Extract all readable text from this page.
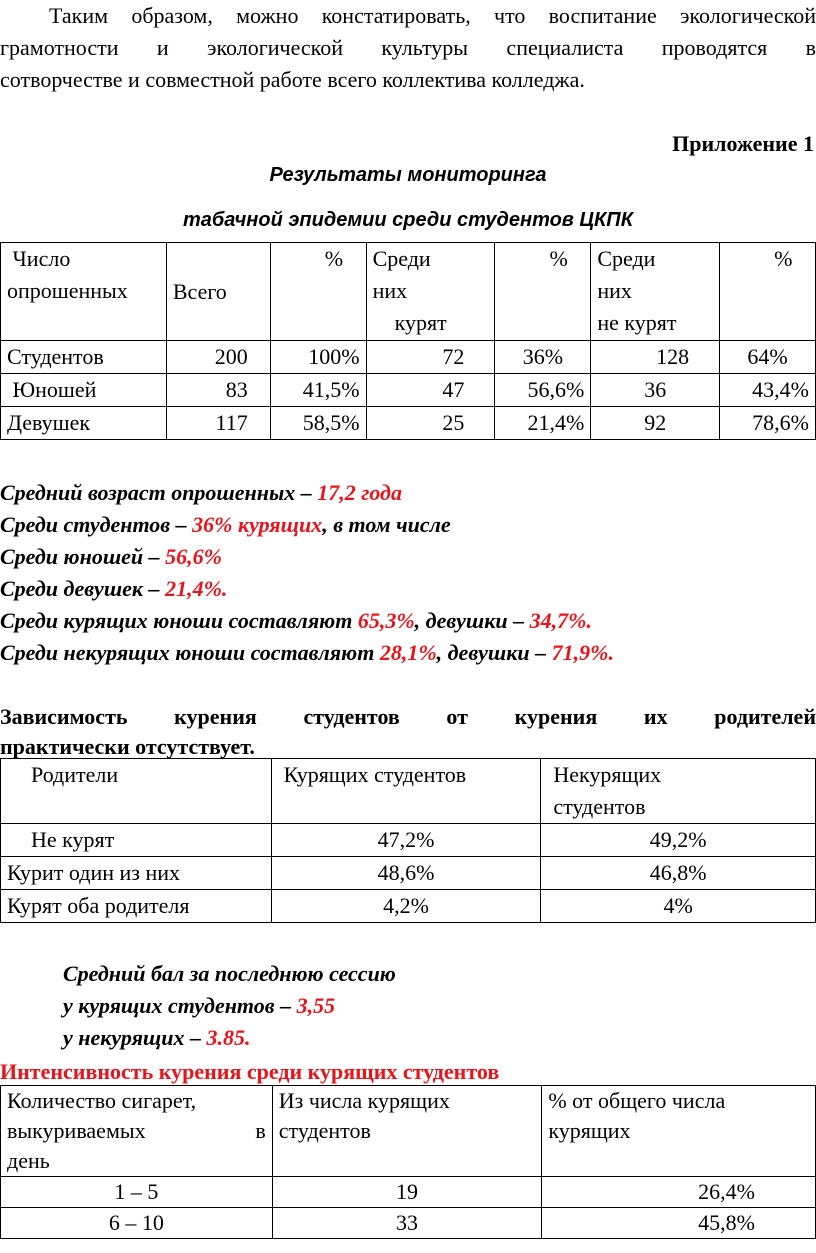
Таким образом, можно констатировать, что воспитание экологической
грамотности и экологической культуры специалиста проводятся в
сотворчестве и совместной работе всего коллектива колледжа.
Приложение 1
Результаты мониторинга
табачной эпидемии среди студентов ЦКПК
Число
опрошенных	Всего	%	Среди
них
курят	%	Среди
них
не курят	%
Студентов	200	100%	72	36%	128	64%
Юношей	83	41,5%	47	56,6%	36	43,4%
Девушек	117	58,5%	25	21,4%	92	78,6%
Средний возраст опрошенных – 17,2 года
Среди студентов – 36% курящих, в том числе
Среди юношей – 56,6%
Среди девушек – 21,4%.
Среди курящих юноши составляют 65,3%, девушки – 34,7%.
Среди некурящих юноши составляют 28,1%, девушки – 71,9%.
Зависимость курения студентов от курения их родителей
практически отсутствует.
Родители	Курящих студентов	Некурящих
студентов
Не курят	47,2%	49,2%
Курит один из них	48,6%	46,8%
Курят оба родителя	4,2%	4%
Средний бал за последнюю сессию
у курящих студентов – 3,55
у некурящих – 3.85.
Интенсивность курения среди курящих студентов
Количество сигарет,

выкуриваемых в
день	Из числа курящих
студентов	% от общего числа
курящих
1 – 5	19	26,4%
6 – 10	33	45,8%
